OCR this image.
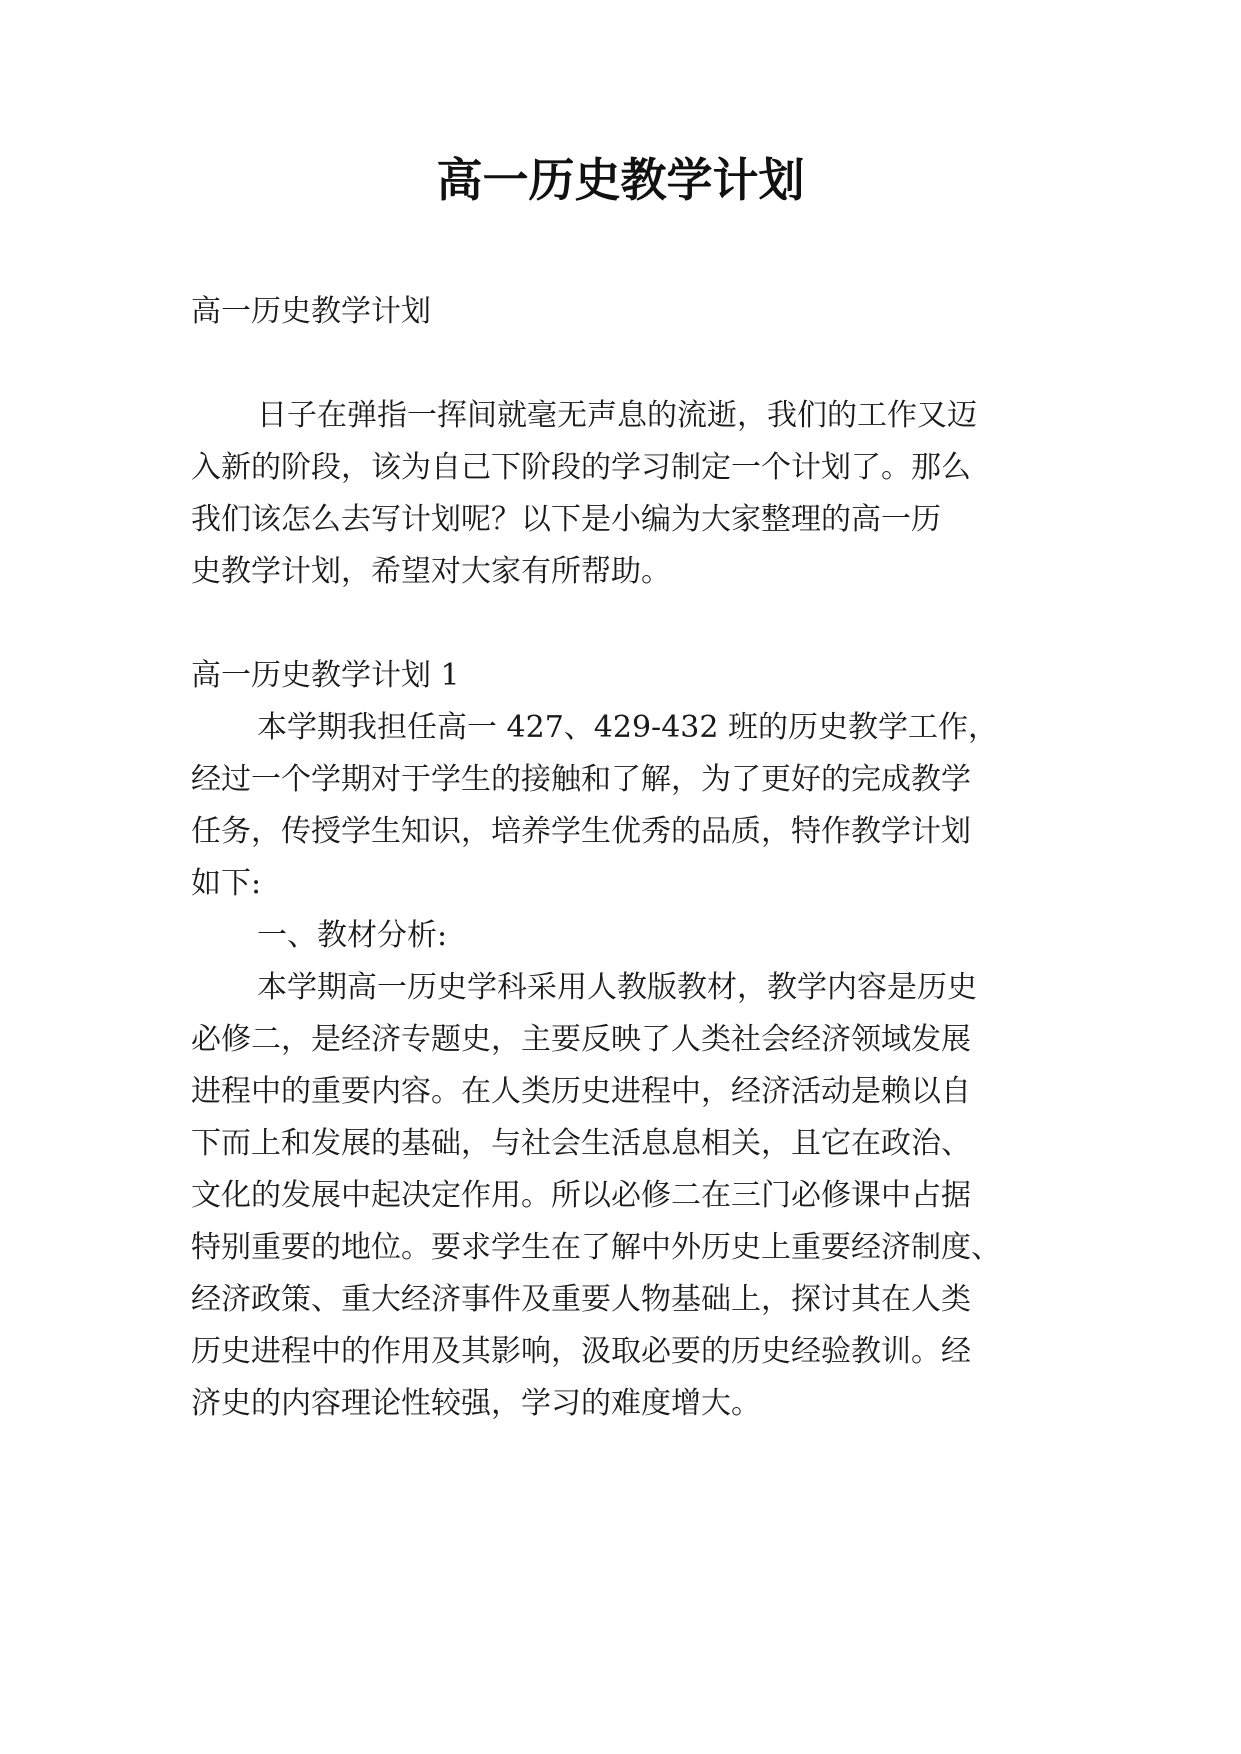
高一历史教学计划
高一历史教学计划
日子在弹指一挥间就毫无声息的流逝，我们的工作又迈
入新的阶段，该为自己下阶段的学习制定一个计划了。那么
我们该怎么去写计划呢？以下是小编为大家整理的高一历
史教学计划，希望对大家有所帮助。
高一历史教学计划 1
本学期我担任高一 427、429-432 班的历史教学工作，
经过一个学期对于学生的接触和了解，为了更好的完成教学
任务，传授学生知识，培养学生优秀的品质，特作教学计划
如下:
一、教材分析:
本学期高一历史学科采用人教版教材，教学内容是历史
必修二，是经济专题史，主要反映了人类社会经济领域发展
进程中的重要内容。在人类历史进程中，经济活动是赖以自
下而上和发展的基础，与社会生活息息相关，且它在政治、
文化的发展中起决定作用。所以必修二在三门必修课中占据
特别重要的地位。要求学生在了解中外历史上重要经济制度、
经济政策、重大经济事件及重要人物基础上，探讨其在人类
历史进程中的作用及其影响，汲取必要的历史经验教训。经
济史的内容理论性较强，学习的难度增大。
